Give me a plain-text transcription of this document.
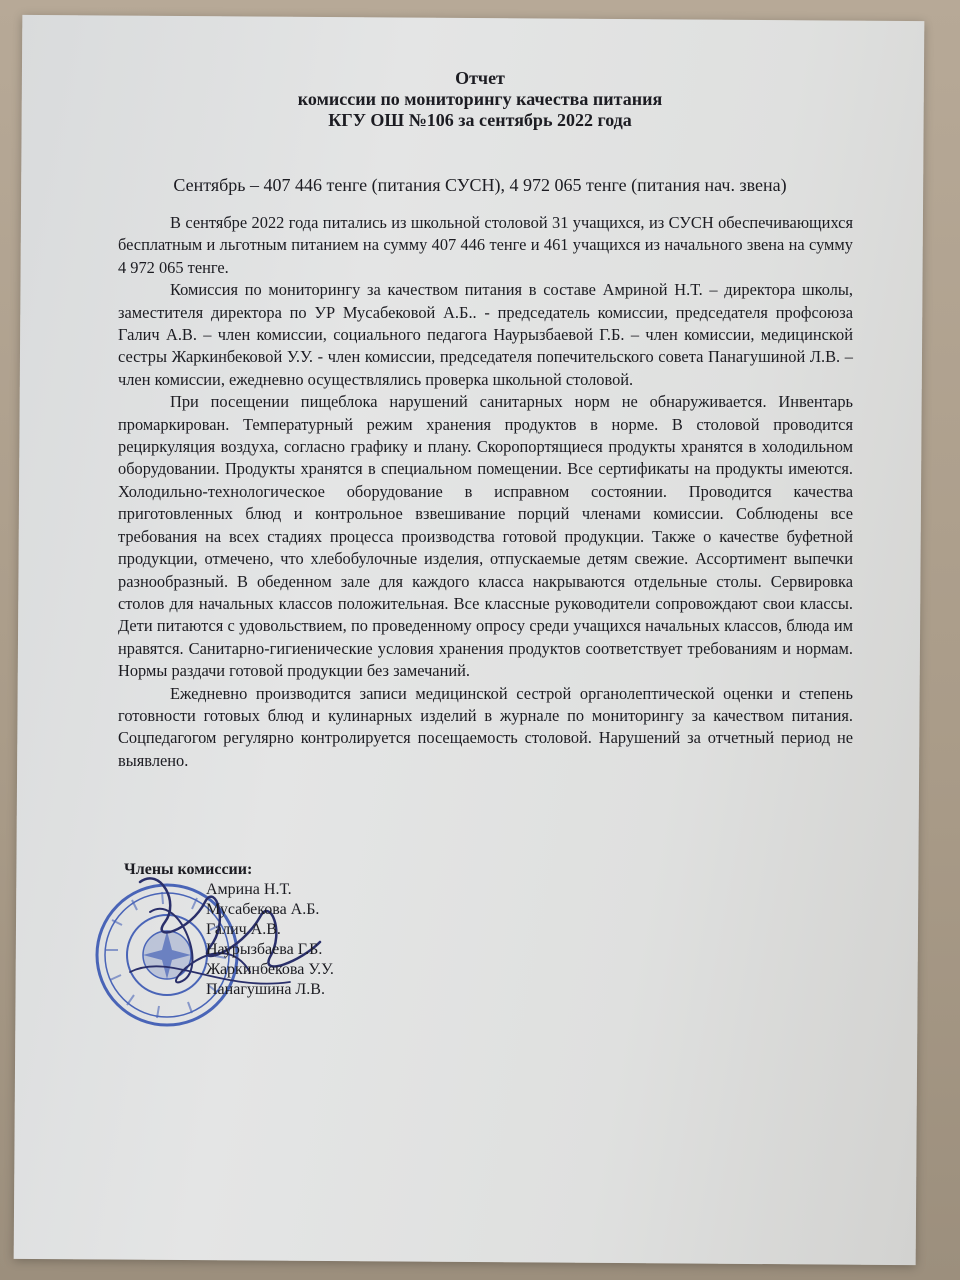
Отчет
комиссии по мониторингу качества питания
КГУ ОШ №106 за сентябрь 2022 года
Сентябрь – 407 446 тенге (питания СУСН), 4 972 065 тенге (питания нач. звена)

В сентябре 2022 года питались из школьной столовой 31 учащихся, из СУСН обеспечивающихся бесплатным и льготным питанием на сумму 407 446 тенге и 461 учащихся из начального звена на сумму 4 972 065 тенге.

Комиссия по мониторингу за качеством питания в составе Амриной Н.Т. – директора школы, заместителя директора по УР Мусабековой А.Б.. - председатель комиссии, председателя профсоюза Галич А.В. – член комиссии, социального педагога Наурызбаевой Г.Б. – член комиссии, медицинской сестры Жаркинбековой У.У. - член комиссии, председателя попечительского совета Панагушиной Л.В. – член комиссии, ежедневно осуществлялись проверка школьной столовой.

При посещении пищеблока нарушений санитарных норм не обнаруживается. Инвентарь промаркирован. Температурный режим хранения продуктов в норме. В столовой проводится рециркуляция воздуха, согласно графику и плану. Скоропортящиеся продукты хранятся в холодильном оборудовании. Продукты хранятся в специальном помещении. Все сертификаты на продукты имеются. Холодильно-технологическое оборудование в исправном состоянии. Проводится качества приготовленных блюд и контрольное взвешивание порций членами комиссии. Соблюдены все требования на всех стадиях процесса производства готовой продукции. Также о качестве буфетной продукции, отмечено, что хлебобулочные изделия, отпускаемые детям свежие. Ассортимент выпечки разнообразный. В обеденном зале для каждого класса накрываются отдельные столы. Сервировка столов для начальных классов положительная. Все классные руководители сопровождают свои классы. Дети питаются с удовольствием, по проведенному опросу среди учащихся начальных классов, блюда им нравятся. Санитарно-гигиенические условия хранения продуктов соответствует требованиям и нормам. Нормы раздачи готовой продукции без замечаний.

Ежедневно производится записи медицинской сестрой органолептической оценки и степень готовности готовых блюд и кулинарных изделий в журнале по мониторингу за качеством питания. Соцпедагогом регулярно контролируется посещаемость столовой. Нарушений за отчетный период не выявлено.

Члены комиссии:
Амрина Н.Т.
Мусабекова А.Б.
Галич А.В.
Наурызбаева Г.Б.
Жаркинбекова У.У.
Панагушина Л.В.
